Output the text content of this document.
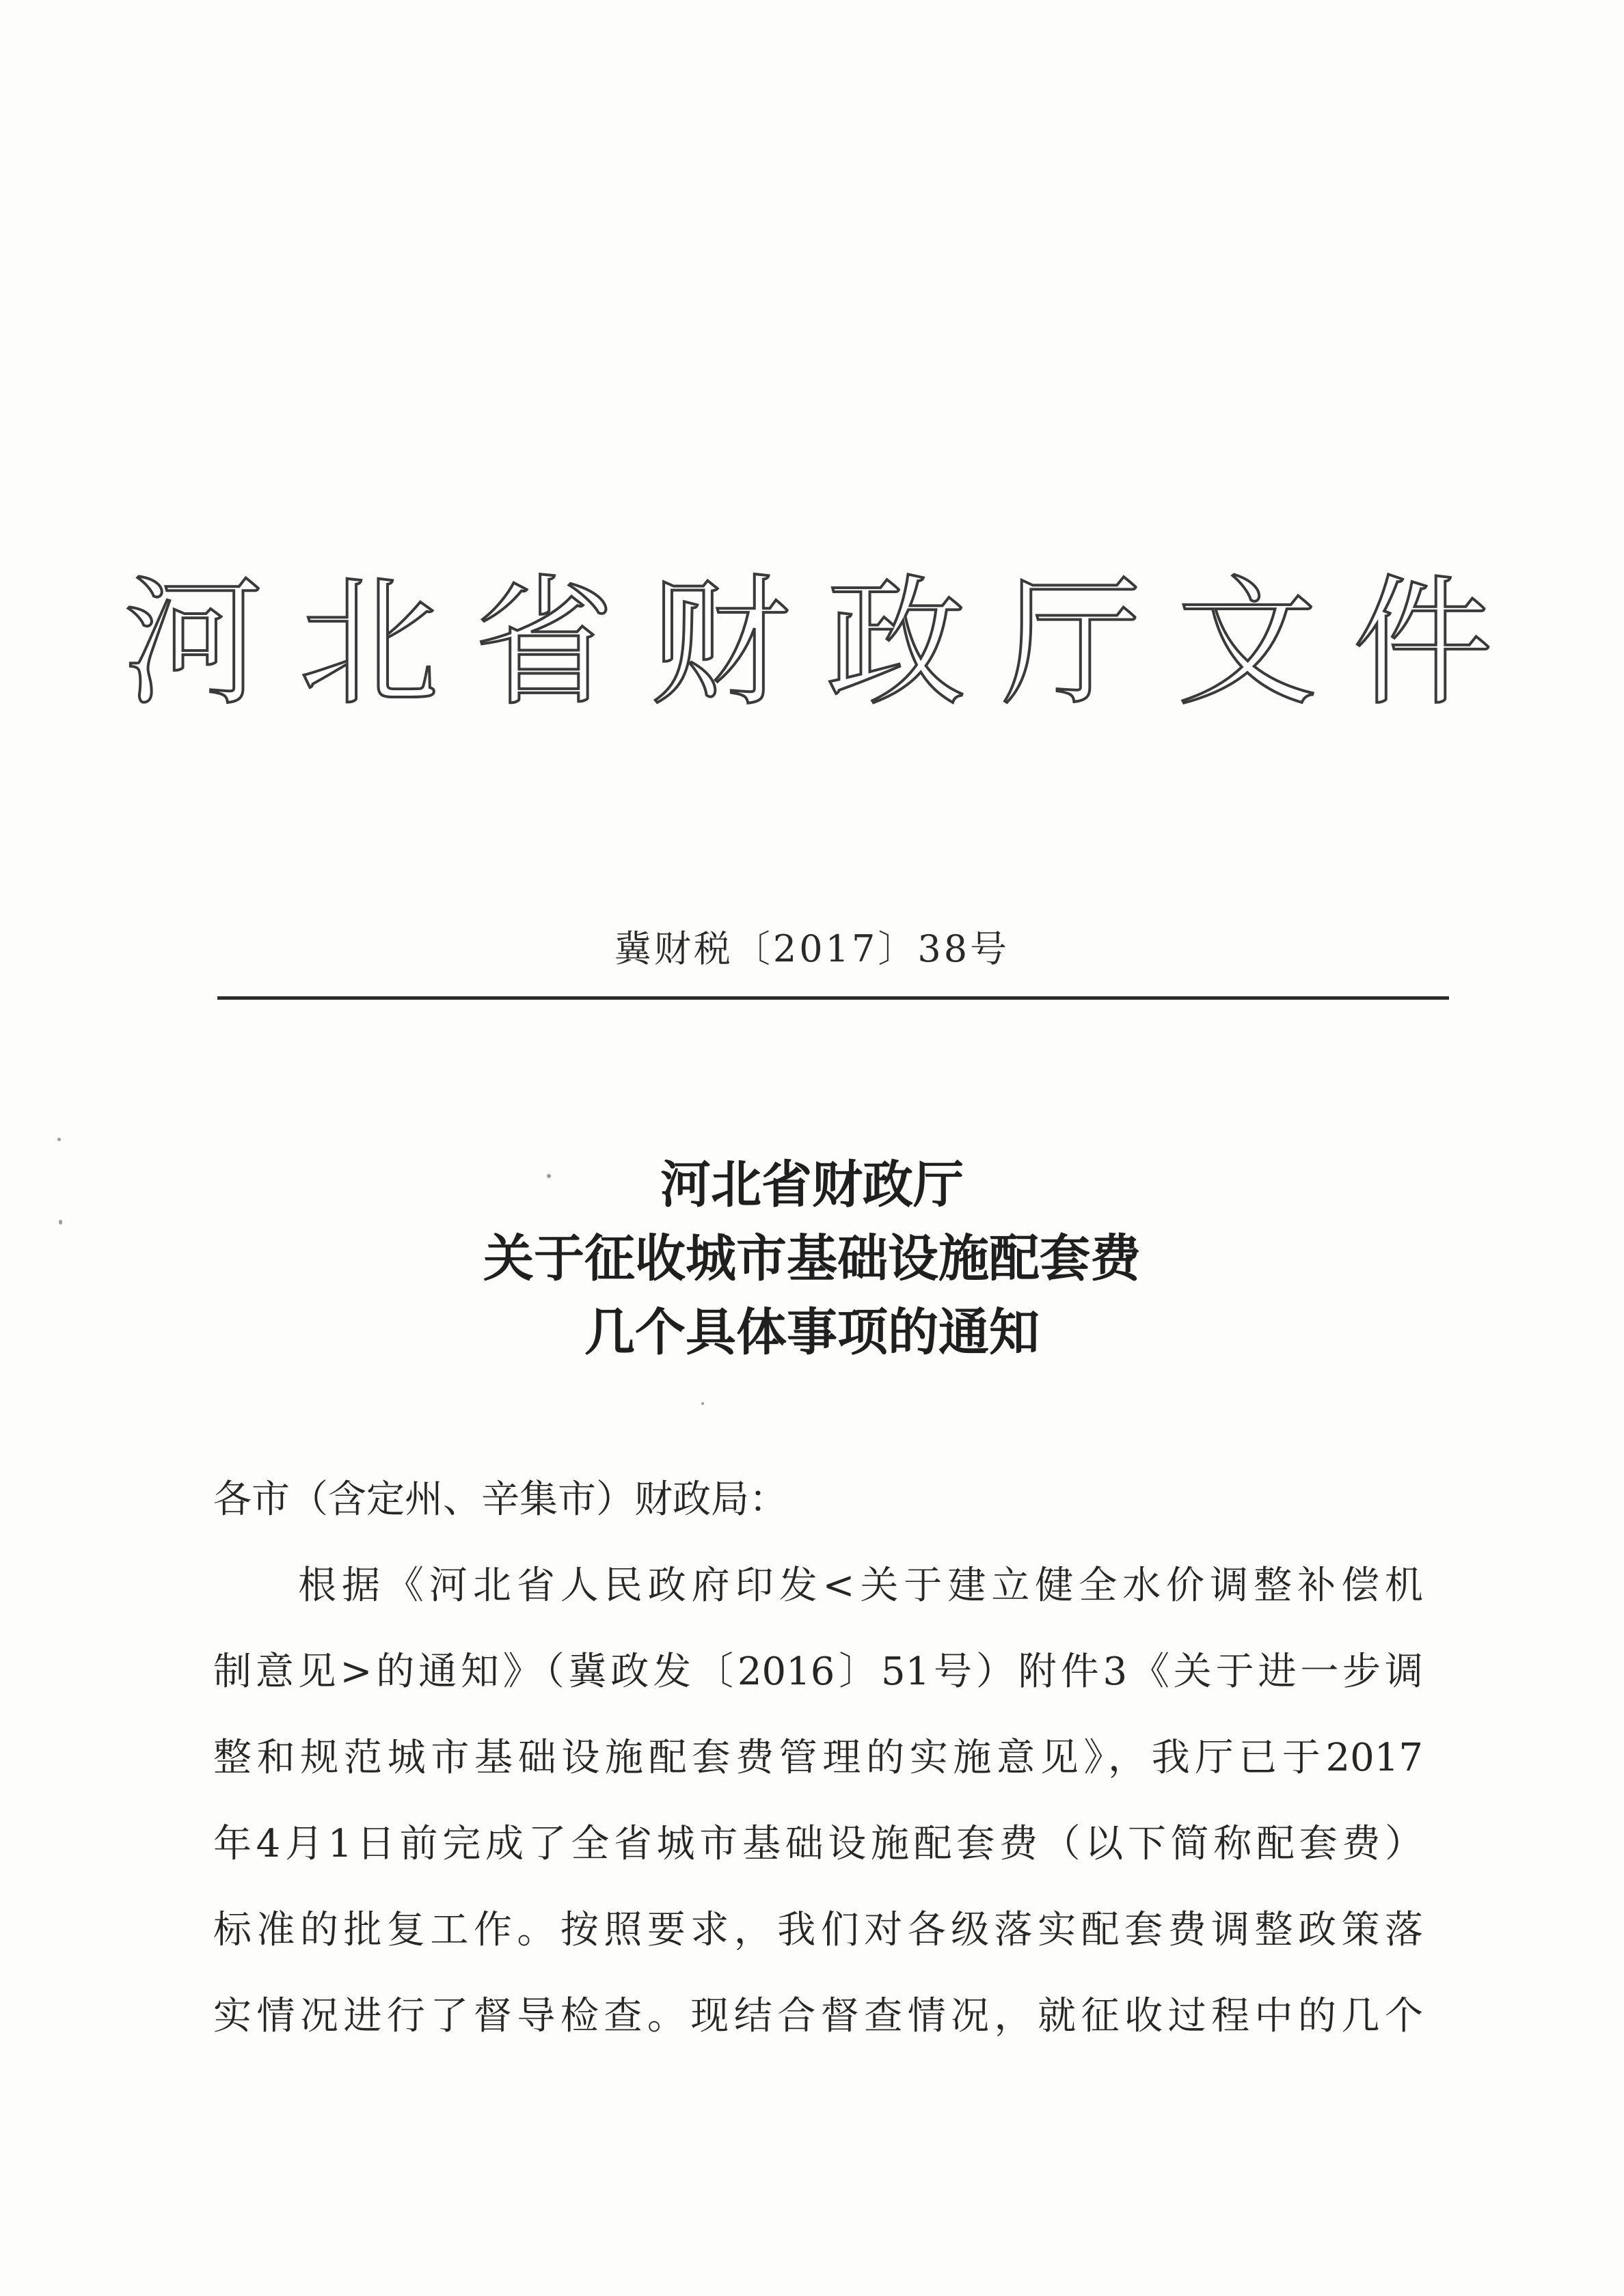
河北省财政厅文件
冀财税〔2017〕38号
河北省财政厅
关于征收城市基础设施配套费
几个具体事项的通知
各市（含定州、辛集市）财政局：
根据《河北省人民政府印发<关于建立健全水价调整补偿机
制意见>的通知》（冀政发〔2016〕51号）附件3《关于进一步调
整和规范城市基础设施配套费管理的实施意见》，我厅已于2017
年4月1日前完成了全省城市基础设施配套费（以下简称配套费）
标准的批复工作。按照要求，我们对各级落实配套费调整政策落
实情况进行了督导检查。现结合督查情况，就征收过程中的几个
